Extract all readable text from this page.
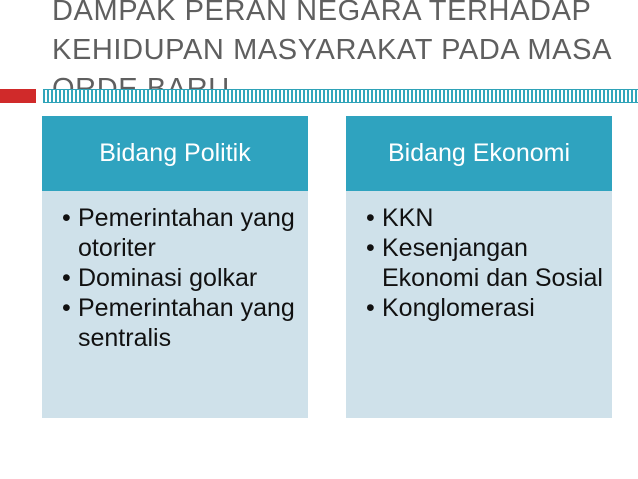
DAMPAK PERAN NEGARA TERHADAP KEHIDUPAN MASYARAKAT PADA MASA
Bidang Politik
• Pemerintahan yang otoriter
• Dominasi golkar
• Pemerintahan yang sentralis
Bidang Ekonomi
• KKN
• Kesenjangan Ekonomi dan Sosial
• Konglomerasi
